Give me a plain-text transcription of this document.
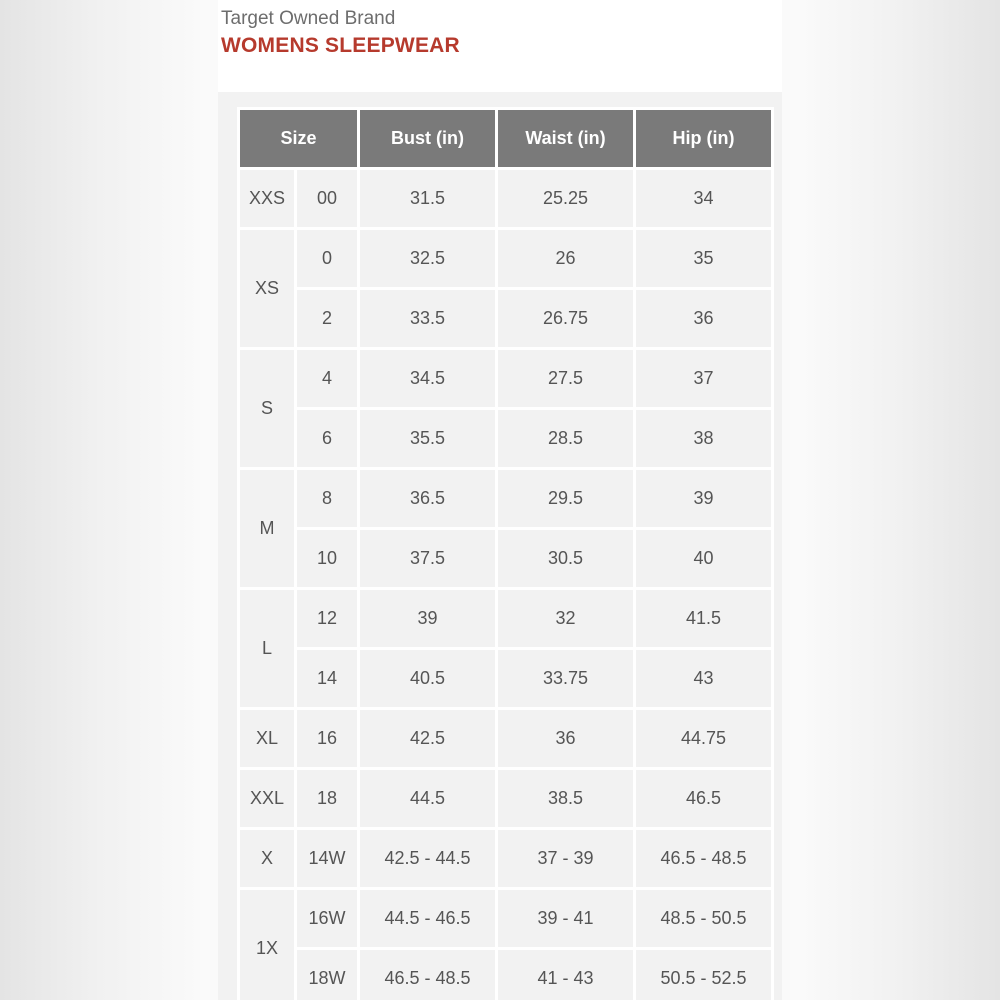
Target Owned Brand
WOMENS SLEEPWEAR
Size		Bust (in)	Waist (in)	Hip (in)
XXS	00	31.5	25.25	34
XS	0	32.5	26	35
	2	33.5	26.75	36
S	4	34.5	27.5	37
	6	35.5	28.5	38
M	8	36.5	29.5	39
	10	37.5	30.5	40
L	12	39	32	41.5
	14	40.5	33.75	43
XL	16	42.5	36	44.75
XXL	18	44.5	38.5	46.5
X	14W	42.5 - 44.5	37 - 39	46.5 - 48.5
1X	16W	44.5 - 46.5	39 - 41	48.5 - 50.5
	18W	46.5 - 48.5	41 - 43	50.5 - 52.5
